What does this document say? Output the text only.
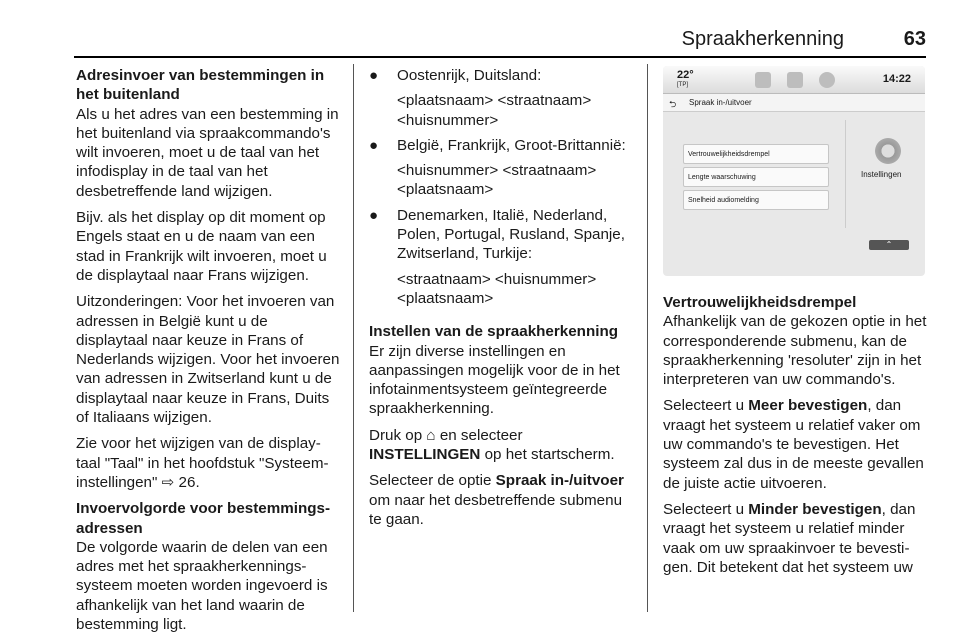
Spraakherkenning	63

Adresinvoer van bestemmingen in het buitenland

Als u het adres van een bestemming in het buitenland via spraakcommando's wilt invoeren, moet u de taal van het infodisplay in de taal van het desbetreffende land wijzigen.

Bijv. als het display op dit moment op Engels staat en u de naam van een stad in Frankrijk wilt invoeren, moet u de displaytaal naar Frans wijzigen.

Uitzonderingen: Voor het invoeren van adressen in België kunt u de displaytaal naar keuze in Frans of Nederlands wijzigen. Voor het invoeren van adressen in Zwitserland kunt u de displaytaal naar keuze in Frans, Duits of Italiaans wijzigen.

Zie voor het wijzigen van de displaytaal "Taal" in het hoofdstuk "Systeeminstellingen" ⇨ 26.

Invoervolgorde voor bestemmingsadressen

De volgorde waarin de delen van een adres met het spraakherkenningssysteem moeten worden ingevoerd is afhankelijk van het land waarin de bestemming ligt.

● Oostenrijk, Duitsland:
<plaatsnaam> <straatnaam> <huisnummer>
● België, Frankrijk, Groot-Brittannië:
<huisnummer> <straatnaam> <plaatsnaam>
● Denemarken, Italië, Nederland, Polen, Portugal, Rusland, Spanje, Zwitserland, Turkije:
<straatnaam> <huisnummer> <plaatsnaam>

Instellen van de spraakherkenning

Er zijn diverse instellingen en aanpassingen mogelijk voor de in het infotainmentsysteem geïntegreerde spraakherkenning.

Druk op ⌂ en selecteer
INSTELLINGEN op het startscherm.

Selecteer de optie Spraak in-/uitvoer om naar het desbetreffende submenu te gaan.

22°
[TP]	14:22
⮌ Spraak in-/uitvoer
Vertrouwelijkheidsdrempel
Lengte waarschuwing
Snelheid audiomelding
Instellingen
⌃

Vertrouwelijkheidsdrempel

Afhankelijk van de gekozen optie in het corresponderende submenu, kan de spraakherkenning 'resoluter' zijn in het interpreteren van uw commando's.

Selecteert u Meer bevestigen, dan vraagt het systeem u relatief vaker om uw commando's te bevestigen. Het systeem zal dus in de meeste gevallen de juiste actie uitvoeren.

Selecteert u Minder bevestigen, dan vraagt het systeem u relatief minder vaak om uw spraakinvoer te bevestigen. Dit betekent dat het systeem uw
